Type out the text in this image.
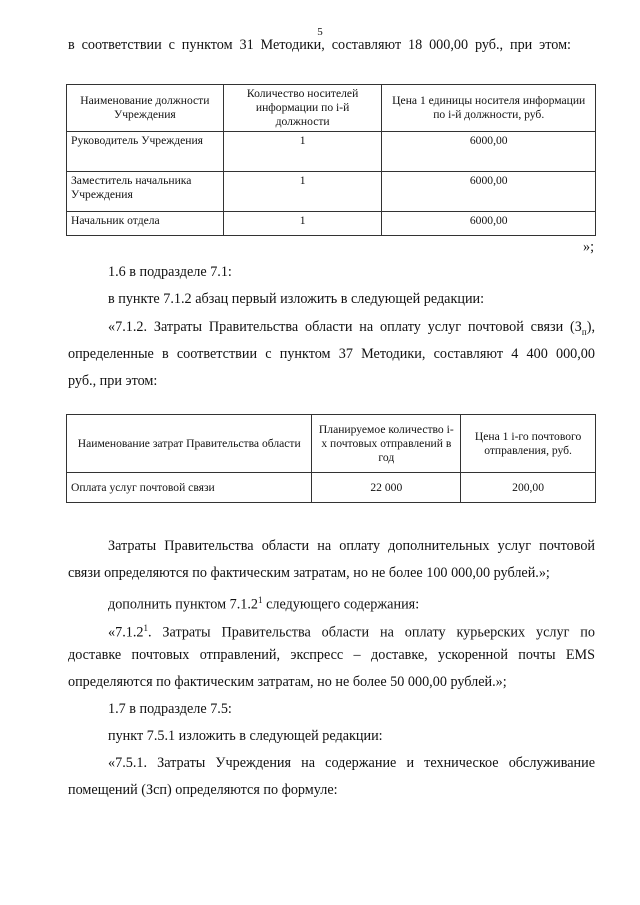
5
в соответствии с пунктом 31 Методики, составляют 18 000,00 руб., при этом:
Наименование должности Учреждения	Количество носителей информации по i-й должности	Цена 1 единицы носителя информации по i-й должности, руб.
Руководитель Учреждения	1	6000,00
Заместитель начальника Учреждения	1	6000,00
Начальник отдела	1	6000,00
»;
1.6 в подразделе 7.1:
в пункте 7.1.2 абзац первый изложить в следующей редакции:
«7.1.2. Затраты Правительства области на оплату услуг почтовой связи $(З_п)$,
определенные в соответствии с пунктом 37 Методики, составляют 4 400 000,00
руб., при этом:
Наименование затрат Правительства области	Планируемое количество i-х почтовых отправлений в год	Цена 1 i-го почтового отправления, руб.
Оплата услуг почтовой связи	22 000	200,00
Затраты Правительства области на оплату дополнительных услуг почтовой
связи определяются по фактическим затратам, но не более 100 000,00 рублей.»;
дополнить пунктом 7.1.2$^1$ следующего содержания:
«7.1.2$^1$. Затраты Правительства области на оплату курьерских услуг по
доставке почтовых отправлений, экспресс – доставке, ускоренной почты EMS
определяются по фактическим затратам, но не более 50 000,00 рублей.»;
1.7 в подразделе 7.5:
пункт 7.5.1 изложить в следующей редакции:
«7.5.1. Затраты Учреждения на содержание и техническое обслуживание
помещений (Зсп) определяются по формуле:
